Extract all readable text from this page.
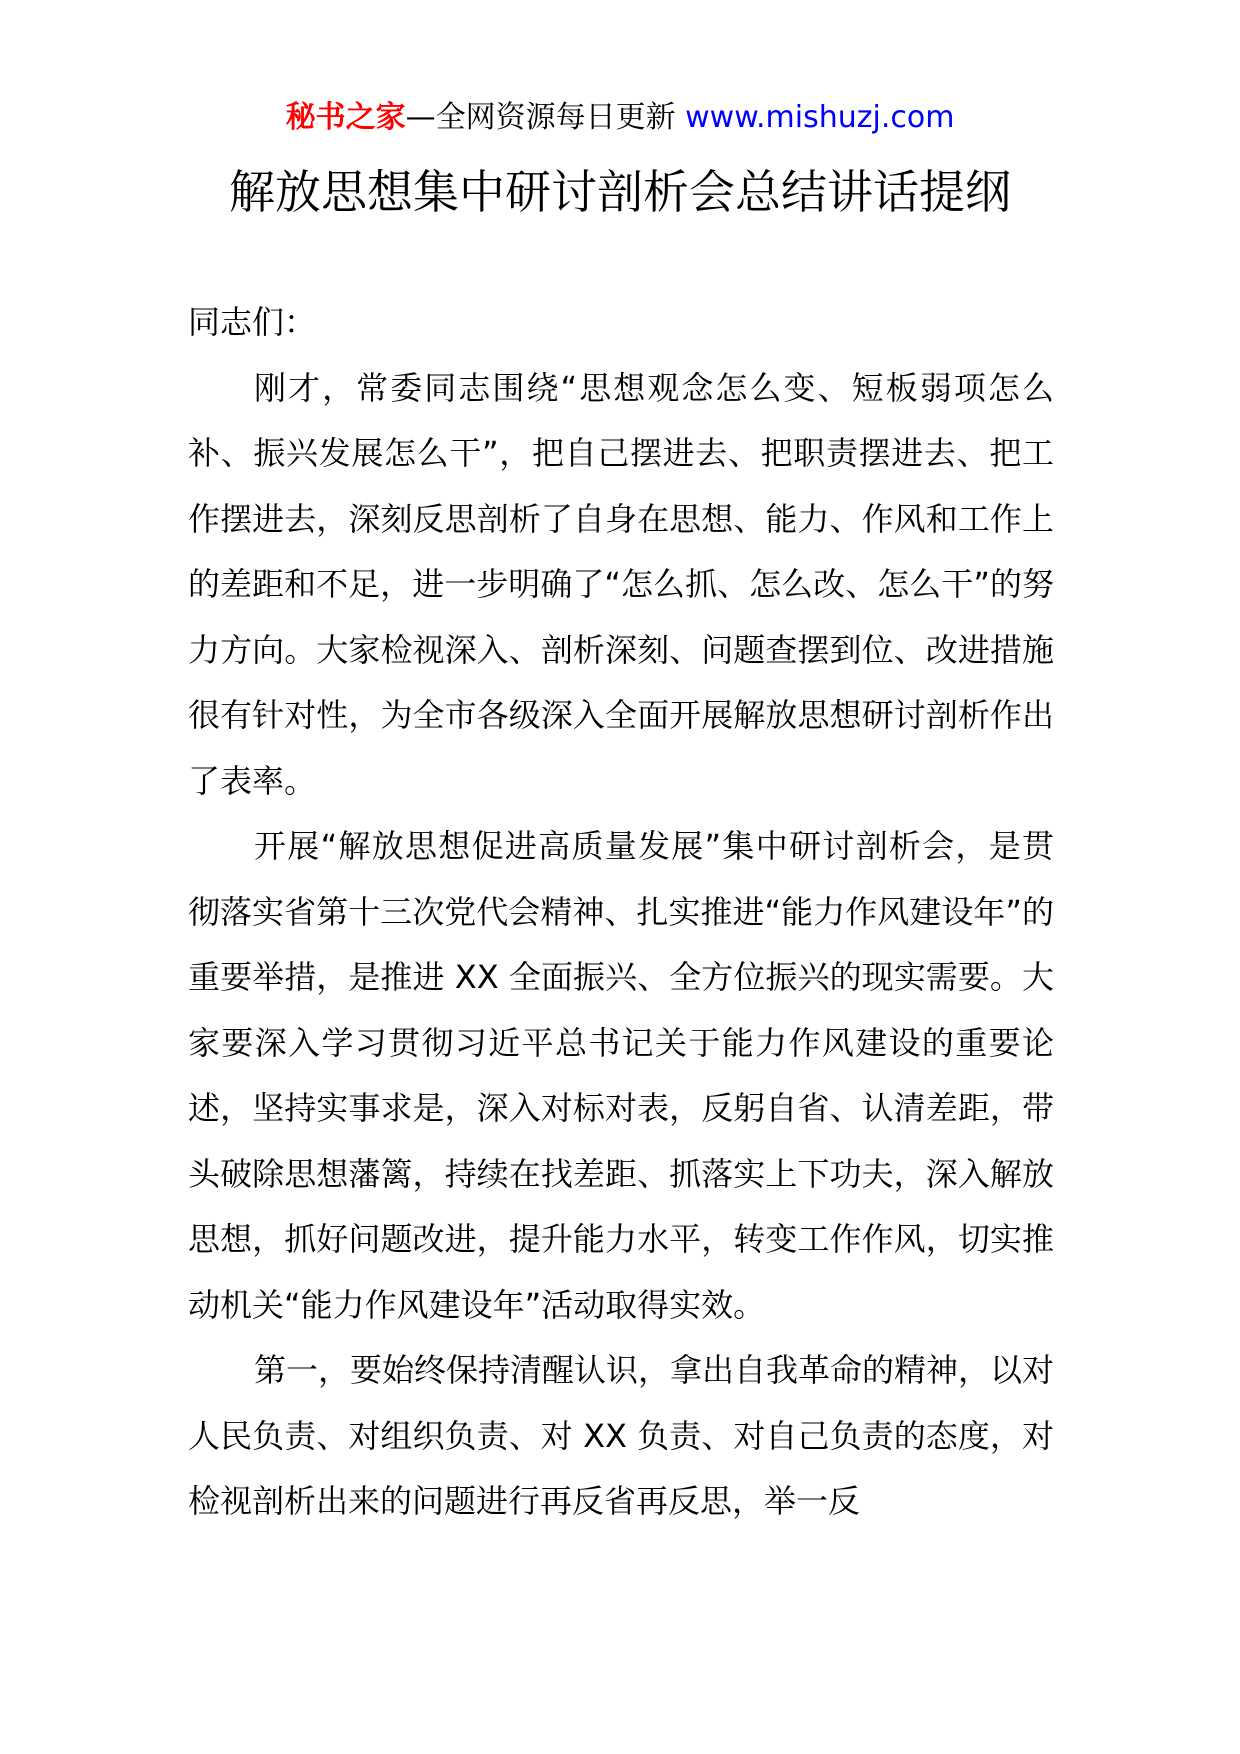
秘书之家—全网资源每日更新 www.mishuzj.com
解放思想集中研讨剖析会总结讲话提纲

同志们：

刚才，常委同志围绕“思想观念怎么变、短板弱项怎么补、振兴发展怎么干”，把自己摆进去、把职责摆进去、把工作摆进去，深刻反思剖析了自身在思想、能力、作风和工作上的差距和不足，进一步明确了“怎么抓、怎么改、怎么干”的努力方向。大家检视深入、剖析深刻、问题查摆到位、改进措施很有针对性，为全市各级深入全面开展解放思想研讨剖析作出了表率。

开展“解放思想促进高质量发展”集中研讨剖析会，是贯彻落实省第十三次党代会精神、扎实推进“能力作风建设年”的重要举措，是推进 XX 全面振兴、全方位振兴的现实需要。大家要深入学习贯彻习近平总书记关于能力作风建设的重要论述，坚持实事求是，深入对标对表，反躬自省、认清差距，带头破除思想藩篱，持续在找差距、抓落实上下功夫，深入解放思想，抓好问题改进，提升能力水平，转变工作作风，切实推动机关“能力作风建设年”活动取得实效。

第一，要始终保持清醒认识，拿出自我革命的精神，以对人民负责、对组织负责、对 XX 负责、对自己负责的态度，对检视剖析出来的问题进行再反省再反思，举一反
